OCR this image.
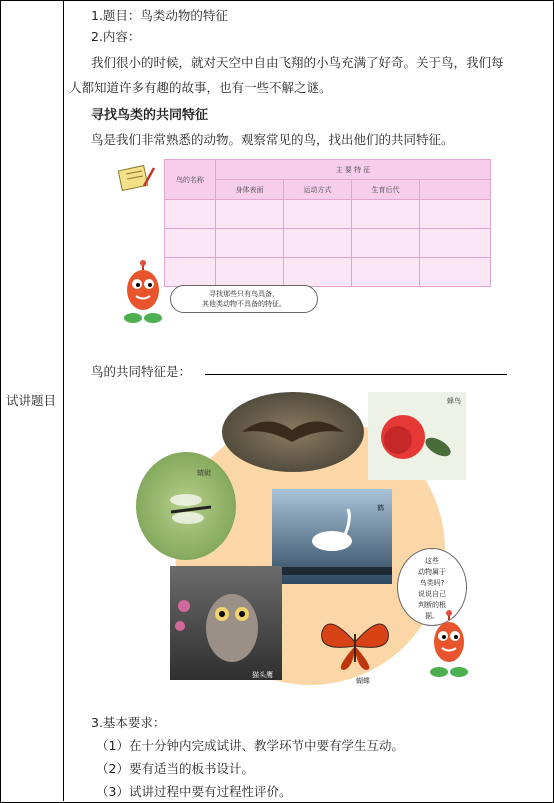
试讲题目
1.题目：鸟类动物的特征
2.内容：
我们很小的时候，就对天空中自由飞翔的小鸟充满了好奇。关于鸟，我们每
人都知道许多有趣的故事，也有一些不解之谜。
寻找鸟类的共同特征
鸟是我们非常熟悉的动物。观察常见的鸟，找出他们的共同特征。
鸟的名称	主 要 特 征			
	身体表面	运动方式	生育后代	

寻找那些只有鸟具备，
其他类动物不具备的特征。
鸟的共同特征是：
蜂鸟
蜻蜓
鹤
猫头鹰
蝴蝶
这些
动物属于
鸟类吗?
说说自己
判断的根
据。
3.基本要求：
（1）在十分钟内完成试讲、教学环节中要有学生互动。
（2）要有适当的板书设计。
（3）试讲过程中要有过程性评价。
